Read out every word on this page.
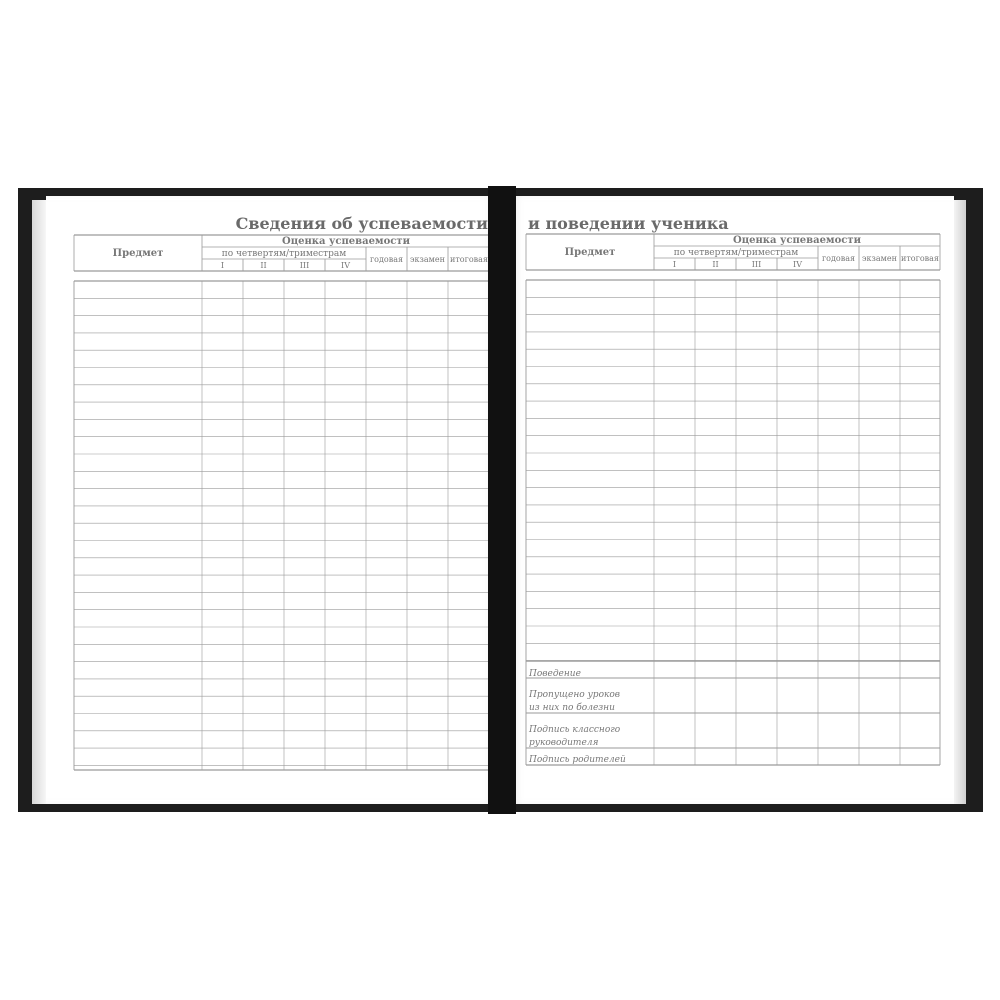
Сведения об успеваемости
Предмет
Оценка успеваемости
по четвертям/триместрам
I	II	III	IV
годовая экзамен итоговая
и поведении ученика
Предмет
Оценка успеваемости
по четвертям/триместрам
I	II	III	IV
годовая экзамен итоговая
Поведение
Пропущено уроков
из них по болезни
Подпись классного
руководителя
Подпись родителей
